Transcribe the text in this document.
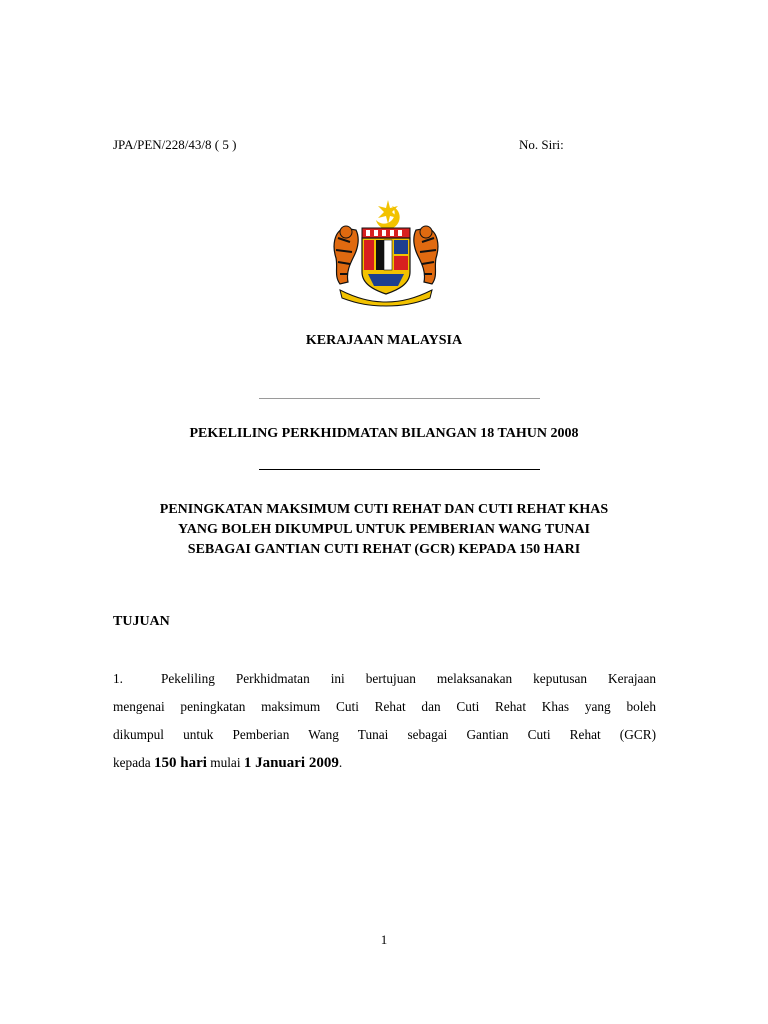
JPA/PEN/228/43/8 ( 5 )	No. Siri:
KERAJAAN MALAYSIA
PEKELILING PERKHIDMATAN BILANGAN 18 TAHUN 2008
PENINGKATAN MAKSIMUM CUTI REHAT DAN CUTI REHAT KHAS
YANG BOLEH DIKUMPUL UNTUK PEMBERIAN WANG TUNAI
SEBAGAI GANTIAN CUTI REHAT (GCR) KEPADA 150 HARI
TUJUAN
1.	Pekeliling Perkhidmatan ini bertujuan melaksanakan keputusan Kerajaan
mengenai peningkatan maksimum Cuti Rehat dan Cuti Rehat Khas yang boleh
dikumpul untuk Pemberian Wang Tunai sebagai Gantian Cuti Rehat (GCR)
kepada 150 hari mulai 1 Januari 2009.
1
